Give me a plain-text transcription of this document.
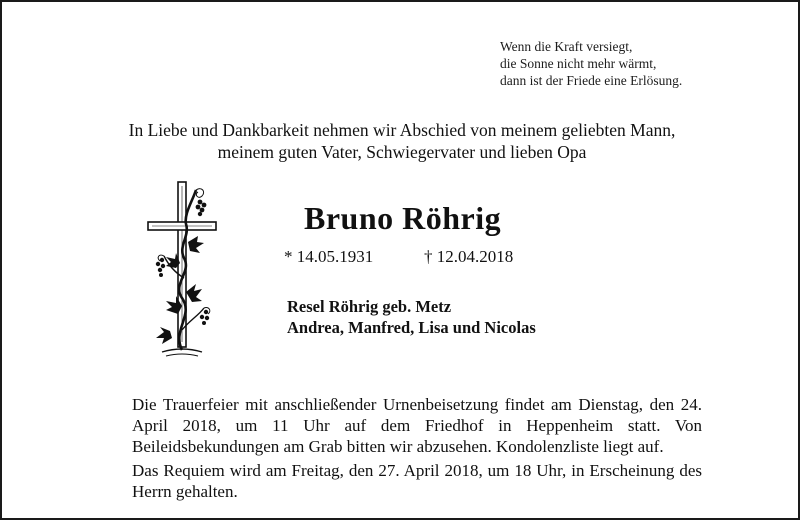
Wenn die Kraft versiegt,
die Sonne nicht mehr wärmt,
dann ist der Friede eine Erlösung.
In Liebe und Dankbarkeit nehmen wir Abschied von meinem geliebten Mann,
meinem guten Vater, Schwiegervater und lieben Opa
Bruno Röhrig
* 14.05.1931	† 12.04.2018
Resel Röhrig geb. Metz
Andrea, Manfred, Lisa und Nicolas
Die Trauerfeier mit anschließender Urnenbeisetzung findet am Dienstag, den 24. April 2018, um 11 Uhr auf dem Friedhof in Heppenheim statt. Von Beileidsbekundungen am Grab bitten wir abzusehen. Kondolenzliste liegt auf.
Das Requiem wird am Freitag, den 27. April 2018, um 18 Uhr, in Erscheinung des Herrn gehalten.
